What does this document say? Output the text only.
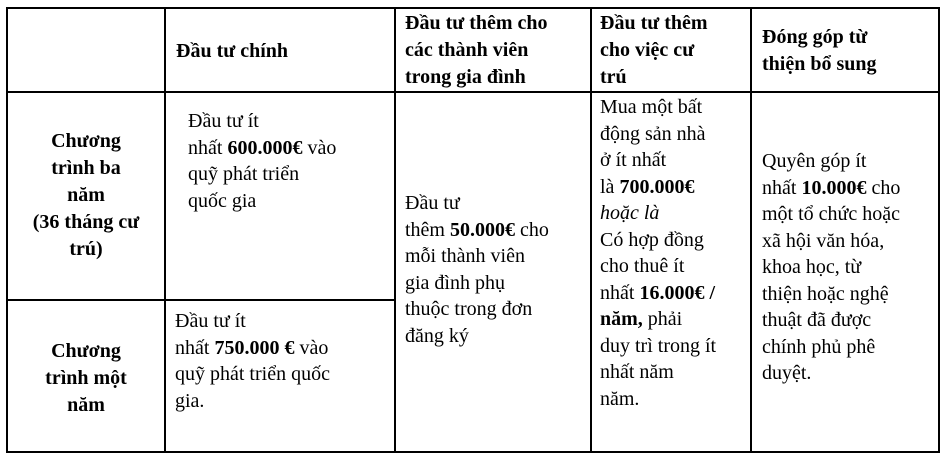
Đầu tư chính
Đầu tư thêm cho
các thành viên
trong gia đình
Đầu tư thêm
cho việc cư
trú
Đóng góp từ
thiện bổ sung
Chương
trình ba
năm
(36 tháng cư
trú)
Chương
trình một
năm
Đầu tư ít
nhất 600.000€ vào
quỹ phát triển
quốc gia
Đầu tư ít
nhất 750.000 € vào
quỹ phát triển quốc
gia.
Đầu tư
thêm 50.000€ cho
mỗi thành viên
gia đình phụ
thuộc trong đơn
đăng ký
Mua một bất
động sản nhà
ở ít nhất
là 700.000€
hoặc là
Có hợp đồng
cho thuê ít
nhất 16.000€ /
năm, phải
duy trì trong ít
nhất năm
năm.
Quyên góp ít
nhất 10.000€ cho
một tổ chức hoặc
xã hội văn hóa,
khoa học, từ
thiện hoặc nghệ
thuật đã được
chính phủ phê
duyệt.
